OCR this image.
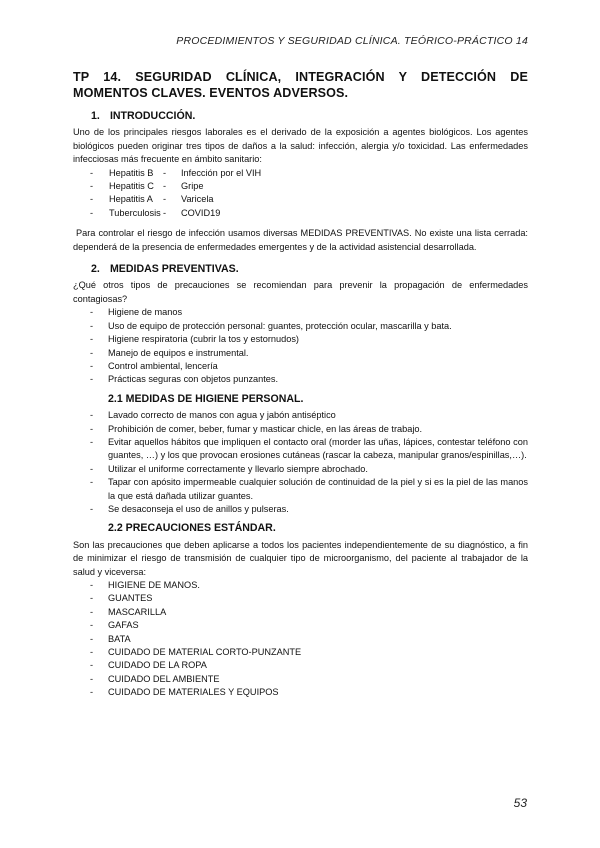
PROCEDIMIENTOS Y SEGURIDAD CLÍNICA. TEÓRICO-PRÁCTICO 14
TP 14. SEGURIDAD CLÍNICA, INTEGRACIÓN Y DETECCIÓN DE MOMENTOS CLAVES. EVENTOS ADVERSOS.
1. INTRODUCCIÓN.

Uno de los principales riesgos laborales es el derivado de la exposición a agentes biológicos. Los agentes biológicos pueden originar tres tipos de daños a la salud: infección, alergia y/o toxicidad. Las enfermedades infecciosas más frecuente en ámbito sanitario:

-	Hepatitis B	-	Infección por el VIH
-	Hepatitis C	-	Gripe
-	Hepatitis A	-	Varicela
-	Tuberculosis	-	COVID19

Para controlar el riesgo de infección usamos diversas MEDIDAS PREVENTIVAS. No existe una lista cerrada: dependerá de la presencia de enfermedades emergentes y de la actividad asistencial desarrollada.

2. MEDIDAS PREVENTIVAS.

¿Qué otros tipos de precauciones se recomiendan para prevenir la propagación de enfermedades contagiosas?

- Higiene de manos
- Uso de equipo de protección personal: guantes, protección ocular, mascarilla y bata.
- Higiene respiratoria (cubrir la tos y estornudos)
- Manejo de equipos e instrumental.
- Control ambiental, lencería
- Prácticas seguras con objetos punzantes.
2.1 MEDIDAS DE HIGIENE PERSONAL.
- Lavado correcto de manos con agua y jabón antiséptico
- Prohibición de comer, beber, fumar y masticar chicle, en las áreas de trabajo.
- Evitar aquellos hábitos que impliquen el contacto oral (morder las uñas, lápices, contestar teléfono con guantes, …) y los que provocan erosiones cutáneas (rascar la cabeza, manipular granos/espinillas,…).
- Utilizar el uniforme correctamente y llevarlo siempre abrochado.
- Tapar con apósito impermeable cualquier solución de continuidad de la piel y si es la piel de las manos la que está dañada utilizar guantes.
- Se desaconseja el uso de anillos y pulseras.
2.2 PRECAUCIONES ESTÁNDAR.

Son las precauciones que deben aplicarse a todos los pacientes independientemente de su diagnóstico, a fin de minimizar el riesgo de transmisión de cualquier tipo de microorganismo, del paciente al trabajador de la salud y viceversa:

- HIGIENE DE MANOS.
- GUANTES
- MASCARILLA
- GAFAS
- BATA
- CUIDADO DE MATERIAL CORTO-PUNZANTE
- CUIDADO DE LA ROPA
- CUIDADO DEL AMBIENTE
- CUIDADO DE MATERIALES Y EQUIPOS
53
